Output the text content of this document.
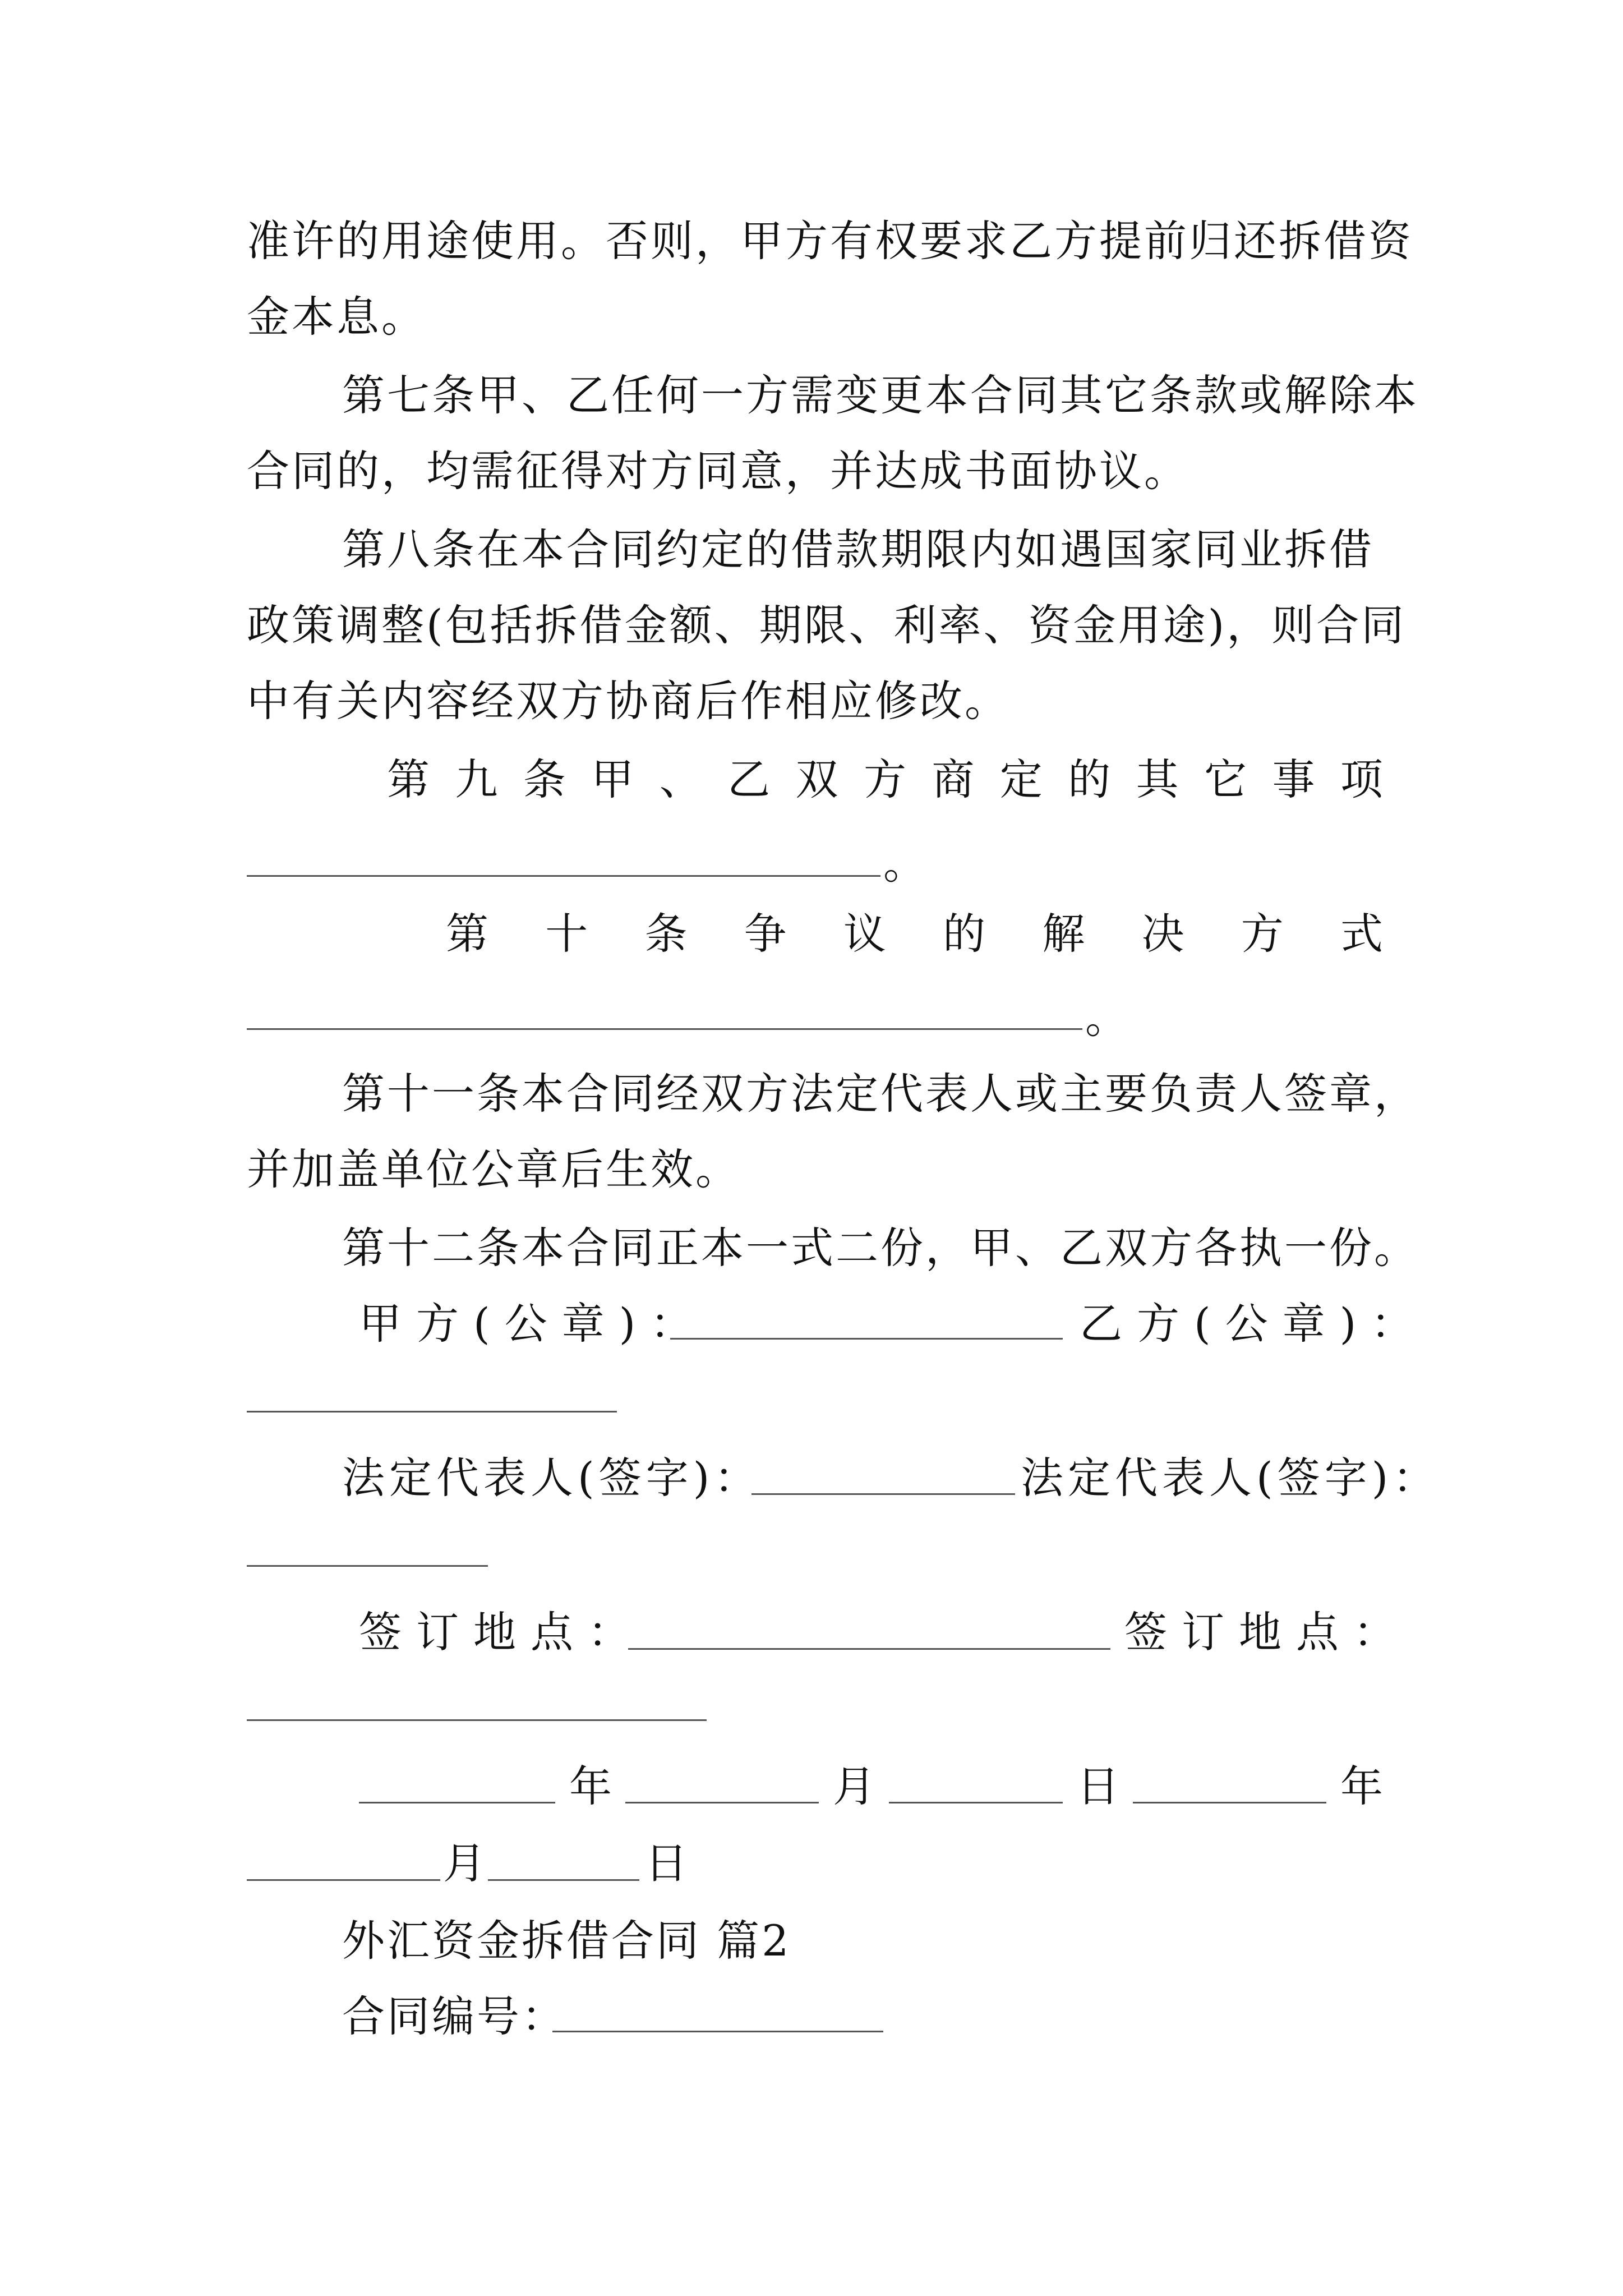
准许的用途使用。否则，甲方有权要求乙方提前归还拆借资
金本息。
第七条甲、乙任何一方需变更本合同其它条款或解除本
合同的，均需征得对方同意，并达成书面协议。
第八条在本合同约定的借款期限内如遇国家同业拆借
政策调整(包括拆借金额、期限、利率、资金用途)，则合同
中有关内容经双方协商后作相应修改。
第 九 条 甲 、 乙 双 方 商 定 的 其 它 事 项
。
第 十 条 争 议 的 解 决 方 式
。
第十一条本合同经双方法定代表人或主要负责人签章，
并加盖单位公章后生效。
第十二条本合同正本一式二份，甲、乙双方各执一份。
甲方(公章)：	乙方(公章)：
法定代表人(签字)：	法定代表人(签字)：
签订地点：	签订地点：
年	月	日	年
月	日
外汇资金拆借合同 篇2
合同编号：
